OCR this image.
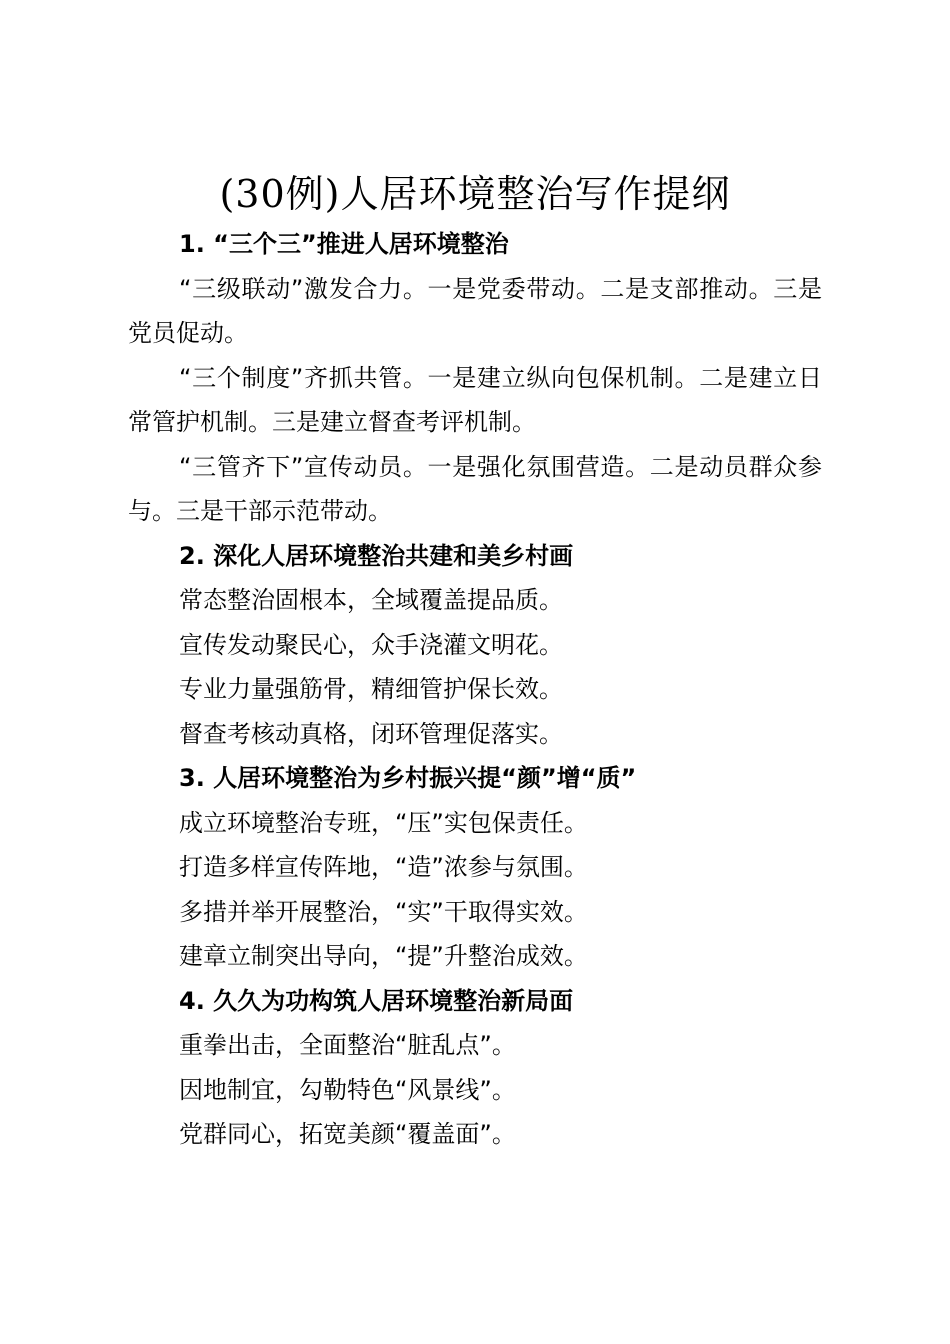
(30例)人居环境整治写作提纲

1. “三个三”推进人居环境整治

“三级联动”激发合力。一是党委带动。二是支部推动。三是党员促动。

“三个制度”齐抓共管。一是建立纵向包保机制。二是建立日常管护机制。三是建立督查考评机制。

“三管齐下”宣传动员。一是强化氛围营造。二是动员群众参与。三是干部示范带动。

2. 深化人居环境整治共建和美乡村画

常态整治固根本，全域覆盖提品质。

宣传发动聚民心，众手浇灌文明花。

专业力量强筋骨，精细管护保长效。

督查考核动真格，闭环管理促落实。

3. 人居环境整治为乡村振兴提“颜”增“质”

成立环境整治专班，“压”实包保责任。

打造多样宣传阵地，“造”浓参与氛围。

多措并举开展整治，“实”干取得实效。

建章立制突出导向，“提”升整治成效。

4. 久久为功构筑人居环境整治新局面

重拳出击，全面整治“脏乱点”。

因地制宜，勾勒特色“风景线”。

党群同心，拓宽美颜“覆盖面”。
